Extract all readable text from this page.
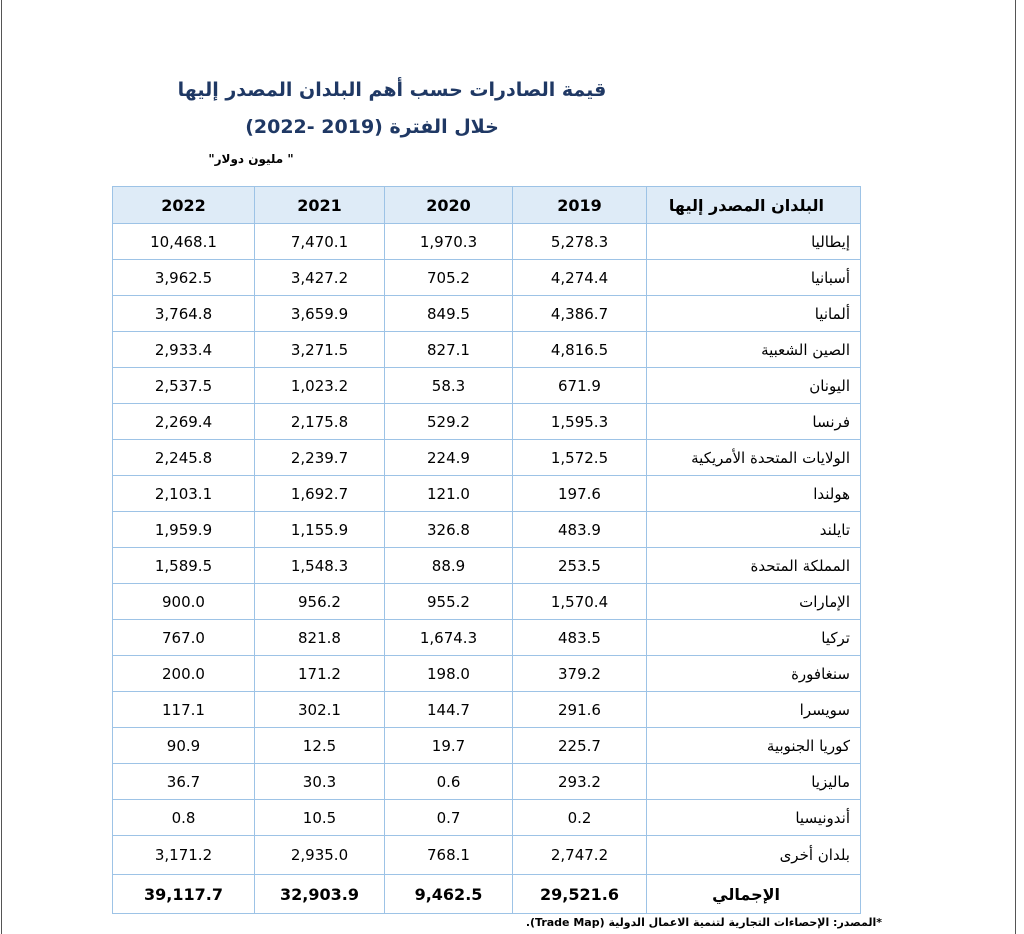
قيمة الصادرات حسب أهم البلدان المصدر إليها
خلال الفترة (2019 -2022)
" مليون دولار"
البلدان المصدر إليها	2019	2020	2021	2022
إيطاليا	5,278.3	1,970.3	7,470.1	10,468.1
أسبانيا	4,274.4	705.2	3,427.2	3,962.5
ألمانيا	4,386.7	849.5	3,659.9	3,764.8
الصين الشعبية	4,816.5	827.1	3,271.5	2,933.4
اليونان	671.9	58.3	1,023.2	2,537.5
فرنسا	1,595.3	529.2	2,175.8	2,269.4
الولايات المتحدة الأمريكية	1,572.5	224.9	2,239.7	2,245.8
هولندا	197.6	121.0	1,692.7	2,103.1
تايلند	483.9	326.8	1,155.9	1,959.9
المملكة المتحدة	253.5	88.9	1,548.3	1,589.5
الإمارات	1,570.4	955.2	956.2	900.0
تركيا	483.5	1,674.3	821.8	767.0
سنغافورة	379.2	198.0	171.2	200.0
سويسرا	291.6	144.7	302.1	117.1
كوريا الجنوبية	225.7	19.7	12.5	90.9
ماليزيا	293.2	0.6	30.3	36.7
أندونيسيا	0.2	0.7	10.5	0.8
بلدان أخرى	2,747.2	768.1	2,935.0	3,171.2
الإجمالي	29,521.6	9,462.5	32,903.9	39,117.7
*المصدر: الإحصاءات التجارية لتنمية الاعمال الدولية (Trade Map).
